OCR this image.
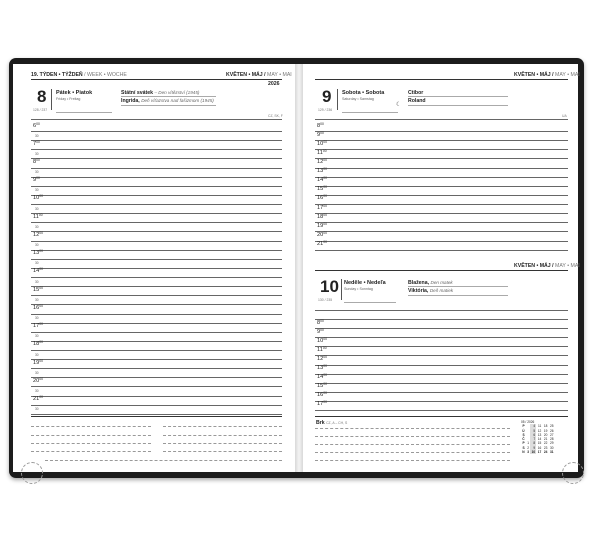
19. TÝDEN • TÝŽDEŇ / WEEK • WOCHE	KVĚTEN • MÁJ / MAY • MAI
2026
8 Pátek • Piatok
Friday • Freitag
128 / 237
Státní svátek – Den vítězství (1945)
Ingrida, Deň víťazstva nad fašizmom (1945)
CZ, SK, F
$6^{00}$
30
$7^{00}$
30
$8^{00}$
30
$9^{00}$
30
$10^{00}$
30
$11^{00}$
30
$12^{00}$
30
$13^{00}$
30
$14^{00}$
30
$15^{00}$
30
$16^{00}$
30
$17^{00}$
30
$18^{00}$
30
$19^{00}$
30
$20^{00}$
30
$21^{00}$
30
KVĚTEN • MÁJ / MAY • MAI
9 Sobota • Sobota
Saturday • Samstag
129 / 236
☾
Ctibor
Roland
UA
$8^{00}$
$9^{00}$
$10^{00}$
$11^{00}$
$12^{00}$
$13^{00}$
$14^{00}$
$15^{00}$
$16^{00}$
$17^{00}$
$18^{00}$
$19^{00}$
$20^{00}$
$21^{00}$
KVĚTEN • MÁJ / MAY • MAI
10 Neděle • Nedeľa
Sunday • Sonntag
130 / 235
Blažena, Den matek
Viktória, Deň matiek
$8^{00}$
$9^{00}$
$10^{00}$
$11^{00}$
$12^{00}$
$13^{00}$
$14^{00}$
$15^{00}$
$16^{00}$
$17^{00}$
Brk CZ, A – CH, S	05 / 2026
P		4	11	18	25
Ú		5	12	19	26
S		6	13	20	27
Č		7	14	21	28
P	1	8	15	22	29
S	2	9	16	23	30
N	3	10	17	24	31
